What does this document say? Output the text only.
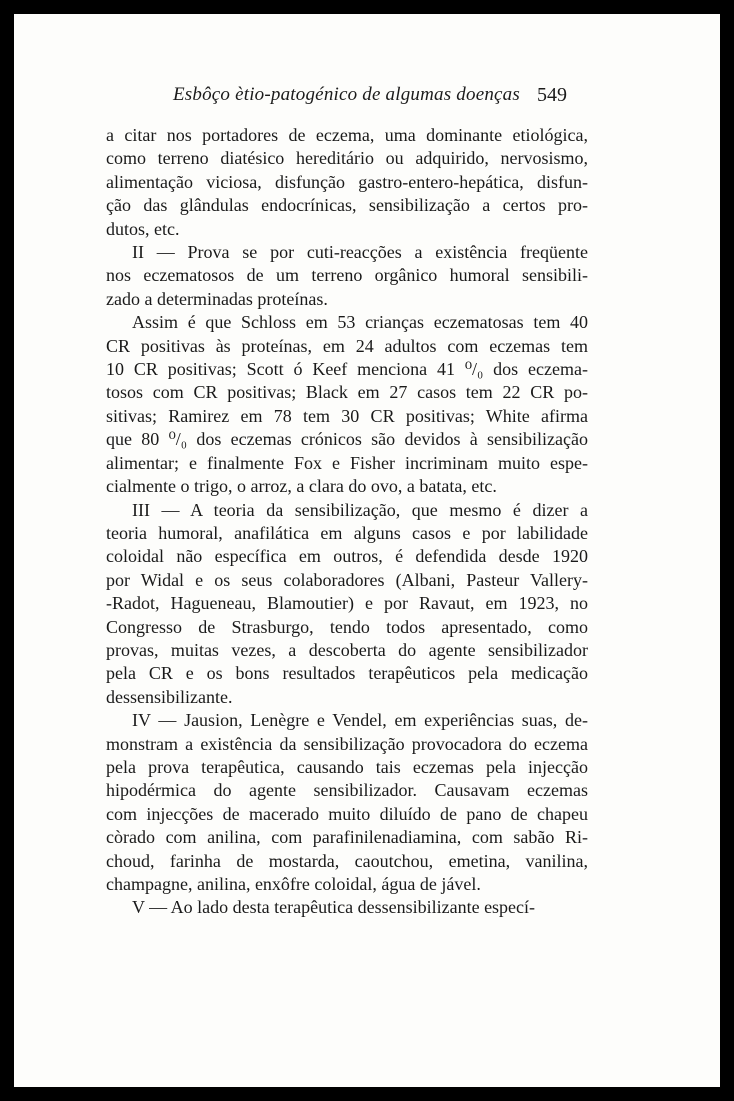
Esbôço ètio-patogénico de algumas doenças 549
a citar nos portadores de eczema, uma dominante etiológica,
como terreno diatésico hereditário ou adquirido, nervosismo,
alimentação viciosa, disfunção gastro-entero-hepática, disfun-
ção das glândulas endocrínicas, sensibilização a certos pro-
dutos, etc.
II — Prova se por cuti-reacções a existência freqüente
nos eczematosos de um terreno orgânico humoral sensibili-
zado a determinadas proteínas.
Assim é que Schloss em 53 crianças eczematosas tem 40
CR positivas às proteínas, em 24 adultos com eczemas tem
10 CR positivas; Scott ó Keef menciona 41 ⁰/₀ dos eczema-
tosos com CR positivas; Black em 27 casos tem 22 CR po-
sitivas; Ramirez em 78 tem 30 CR positivas; White afirma
que 80 ⁰/₀ dos eczemas crónicos são devidos à sensibilização
alimentar; e finalmente Fox e Fisher incriminam muito espe-
cialmente o trigo, o arroz, a clara do ovo, a batata, etc.
III — A teoria da sensibilização, que mesmo é dizer a
teoria humoral, anafilática em alguns casos e por labilidade
coloidal não específica em outros, é defendida desde 1920
por Widal e os seus colaboradores (Albani, Pasteur Vallery-
-Radot, Hagueneau, Blamoutier) e por Ravaut, em 1923, no
Congresso de Strasburgo, tendo todos apresentado, como
provas, muitas vezes, a descoberta do agente sensibilizador
pela CR e os bons resultados terapêuticos pela medicação
dessensibilizante.
IV — Jausion, Lenègre e Vendel, em experiências suas, de-
monstram a existência da sensibilização provocadora do eczema
pela prova terapêutica, causando tais eczemas pela injecção
hipodérmica do agente sensibilizador. Causavam eczemas
com injecções de macerado muito diluído de pano de chapeu
còrado com anilina, com parafinilenadiamina, com sabão Ri-
choud, farinha de mostarda, caoutchou, emetina, vanilina,
champagne, anilina, enxôfre coloidal, água de jável.
V — Ao lado desta terapêutica dessensibilizante especí-
